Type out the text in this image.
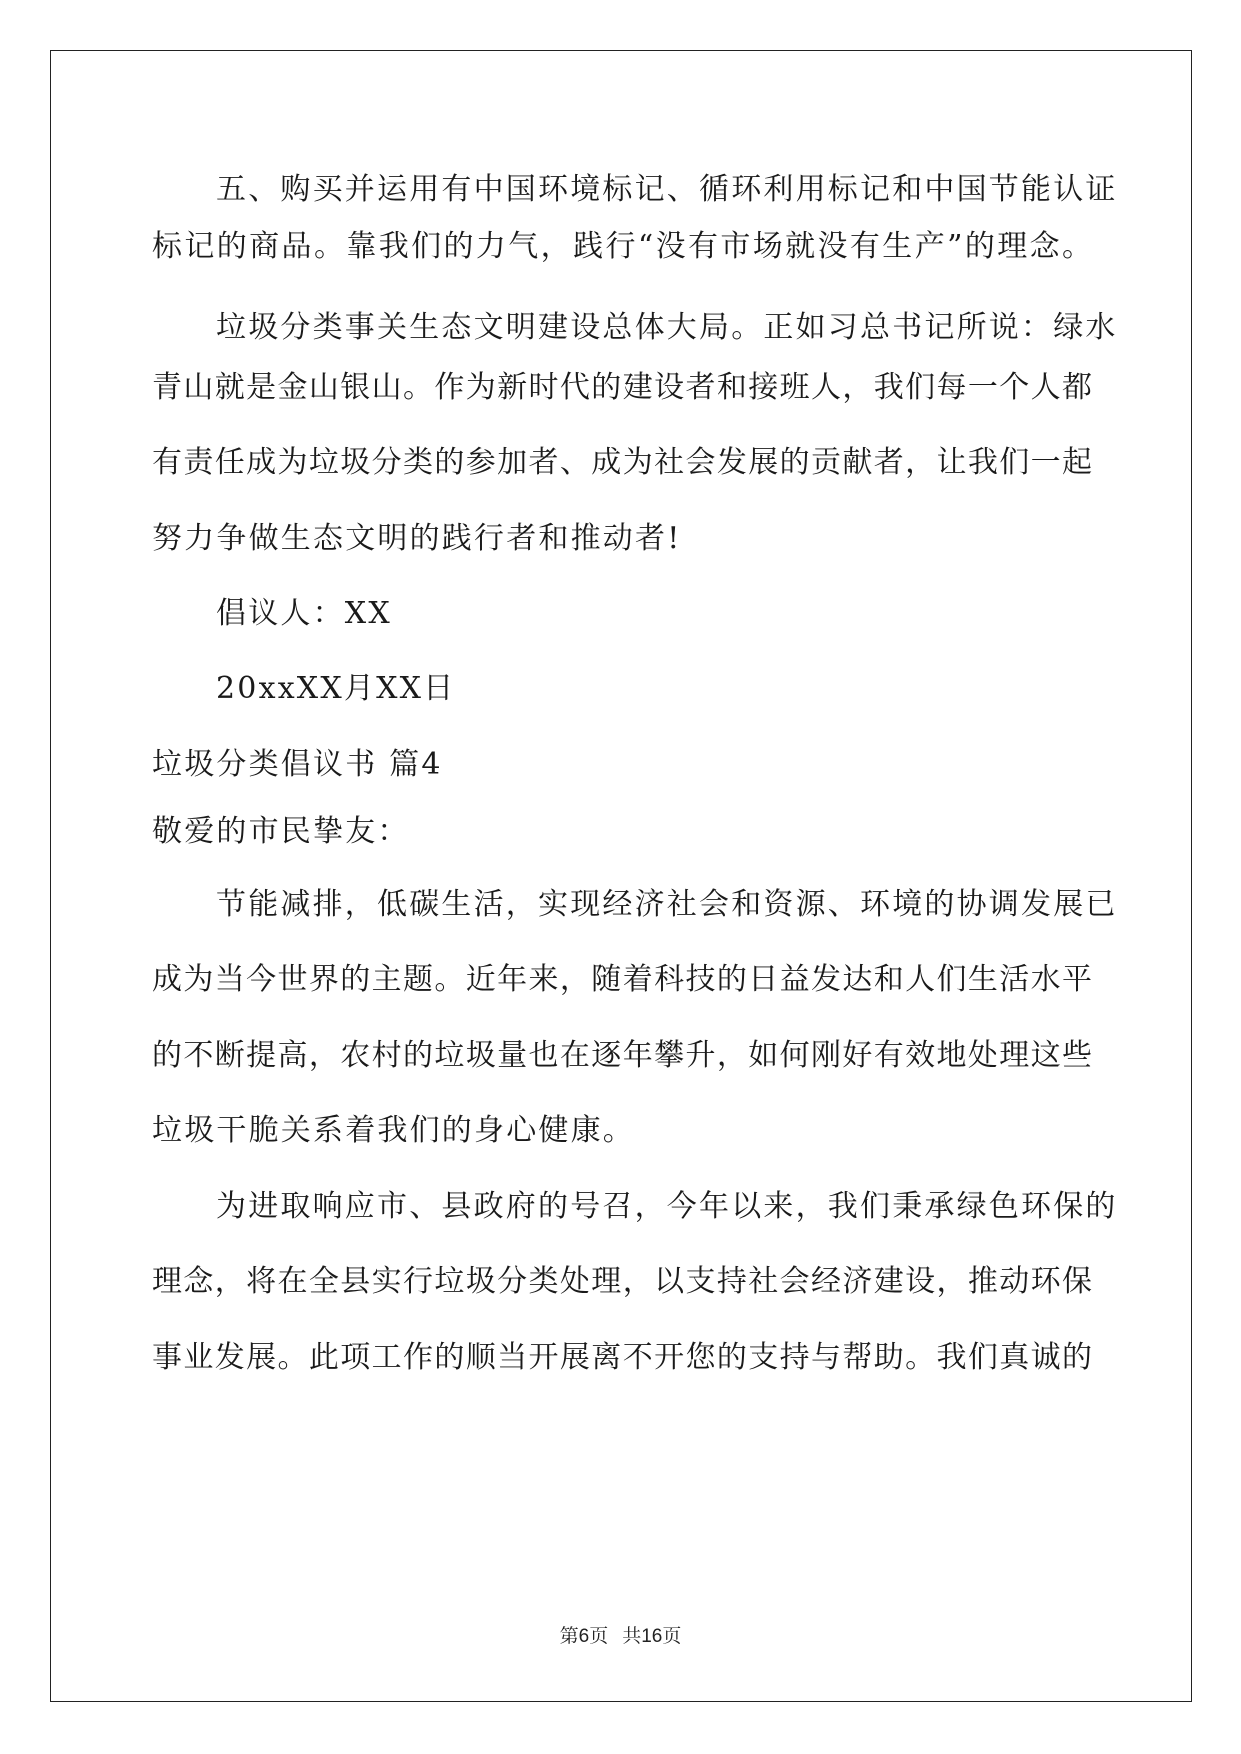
五、购买并运用有中国环境标记、循环利用标记和中国节能认证
标记的商品。靠我们的力气，践行“没有市场就没有生产”的理念。
垃圾分类事关生态文明建设总体大局。正如习总书记所说：绿水
青山就是金山银山。作为新时代的建设者和接班人，我们每一个人都
有责任成为垃圾分类的参加者、成为社会发展的贡献者，让我们一起
努力争做生态文明的践行者和推动者!
倡议人：XX
20xxXX月XX日
垃圾分类倡议书 篇4
敬爱的市民挚友：
节能减排，低碳生活，实现经济社会和资源、环境的协调发展已
成为当今世界的主题。近年来，随着科技的日益发达和人们生活水平
的不断提高，农村的垃圾量也在逐年攀升，如何刚好有效地处理这些
垃圾干脆关系着我们的身心健康。
为进取响应市、县政府的号召，今年以来，我们秉承绿色环保的
理念，将在全县实行垃圾分类处理，以支持社会经济建设，推动环保
事业发展。此项工作的顺当开展离不开您的支持与帮助。我们真诚的
第6页 共16页
